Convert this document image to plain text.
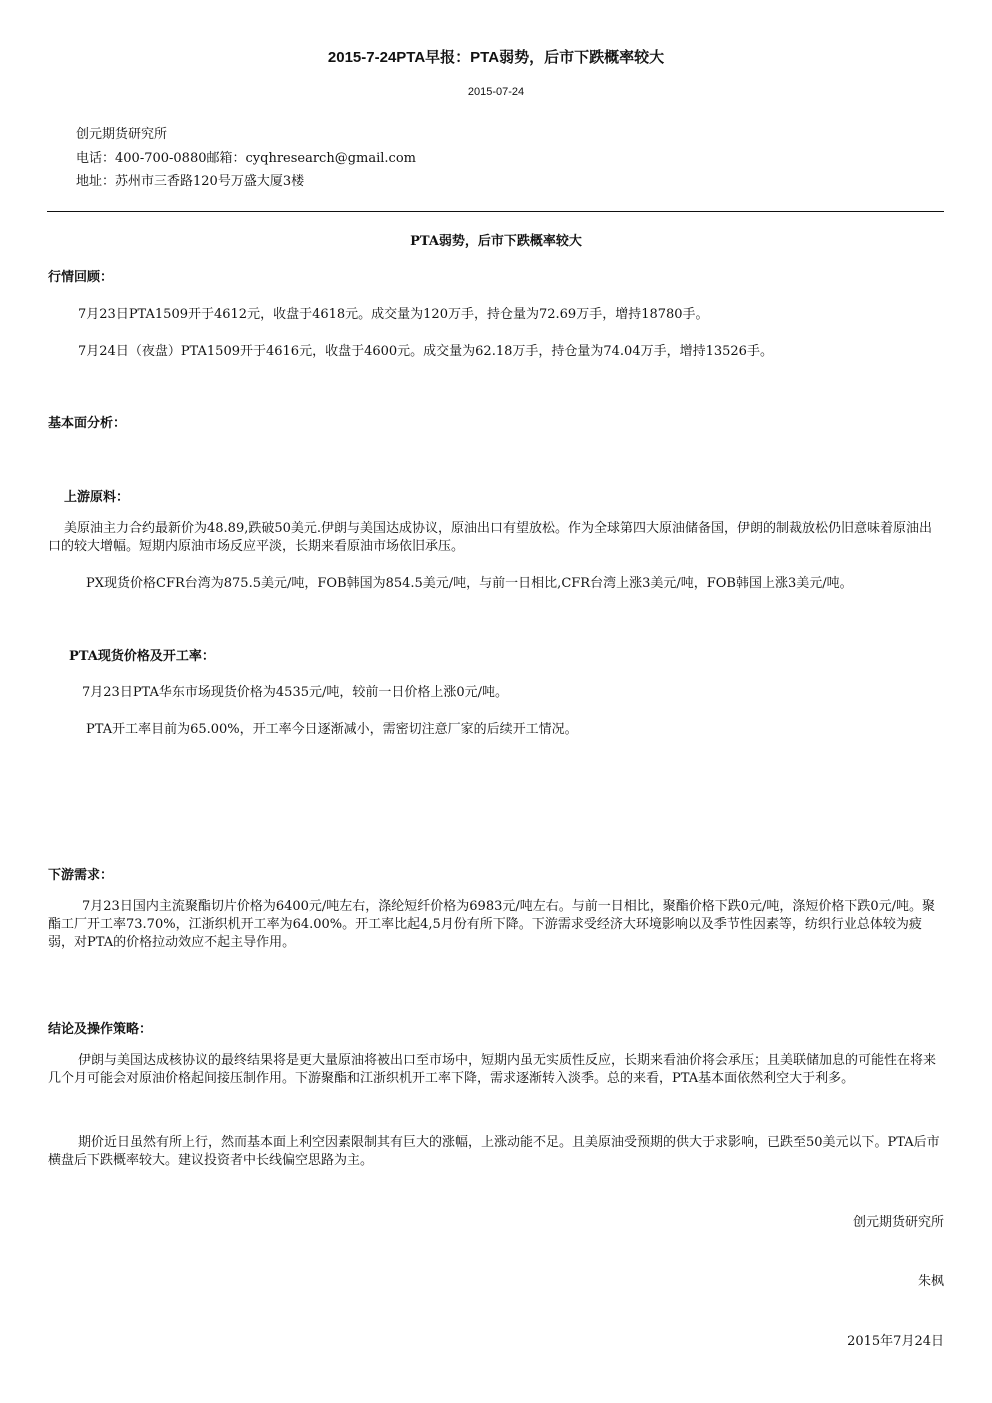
2015-7-24PTA早报：PTA弱势，后市下跌概率较大
2015-07-24
创元期货研究所
电话：400-700-0880邮箱：cyqhresearch@gmail.com
地址：苏州市三香路120号万盛大厦3楼
PTA弱势，后市下跌概率较大
行情回顾：
7月23日PTA1509开于4612元，收盘于4618元。成交量为120万手，持仓量为72.69万手，增持18780手。
7月24日（夜盘）PTA1509开于4616元，收盘于4600元。成交量为62.18万手，持仓量为74.04万手，增持13526手。
基本面分析：
上游原料：
美原油主力合约最新价为48.89,跌破50美元.伊朗与美国达成协议，原油出口有望放松。作为全球第四大原油储备国，伊朗的制裁放松仍旧意味着原油出口的较大增幅。短期内原油市场反应平淡，长期来看原油市场依旧承压。
PX现货价格CFR台湾为875.5美元/吨，FOB韩国为854.5美元/吨，与前一日相比,CFR台湾上涨3美元/吨，FOB韩国上涨3美元/吨。
PTA现货价格及开工率：
7月23日PTA华东市场现货价格为4535元/吨，较前一日价格上涨0元/吨。
PTA开工率目前为65.00%，开工率今日逐渐减小，需密切注意厂家的后续开工情况。
下游需求：
7月23日国内主流聚酯切片价格为6400元/吨左右，涤纶短纤价格为6983元/吨左右。与前一日相比，聚酯价格下跌0元/吨，涤短价格下跌0元/吨。聚酯工厂开工率73.70%，江浙织机开工率为64.00%。开工率比起4,5月份有所下降。下游需求受经济大环境影响以及季节性因素等，纺织行业总体较为疲弱，对PTA的价格拉动效应不起主导作用。
结论及操作策略：
伊朗与美国达成核协议的最终结果将是更大量原油将被出口至市场中，短期内虽无实质性反应，长期来看油价将会承压；且美联储加息的可能性在将来几个月可能会对原油价格起间接压制作用。下游聚酯和江浙织机开工率下降，需求逐渐转入淡季。总的来看，PTA基本面依然利空大于利多。
期价近日虽然有所上行，然而基本面上利空因素限制其有巨大的涨幅，上涨动能不足。且美原油受预期的供大于求影响，已跌至50美元以下。PTA后市横盘后下跌概率较大。建议投资者中长线偏空思路为主。
创元期货研究所
朱枫
2015年7月24日
